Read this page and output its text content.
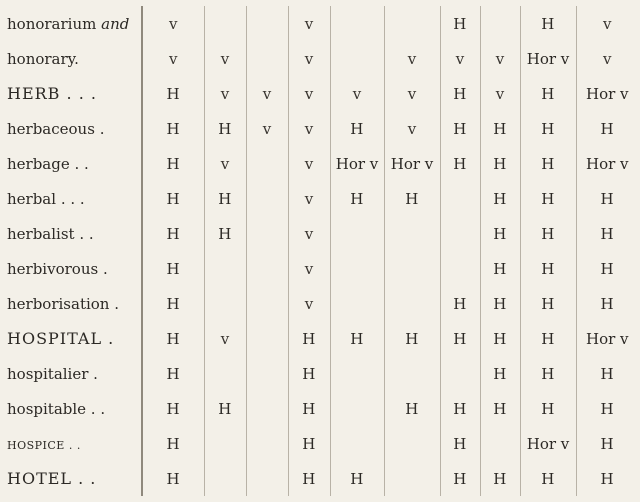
honorarium and	v			v			H		H	v
honorary.	v	v		v		v	v	v	Hor v	v
HERB . . .	H	v	v	v	v	v	H	v	H	Hor v
herbaceous .	H	H	v	v	H	v	H	H	H	H
herbage . .	H	v		v	Hor v	Hor v	H	H	H	Hor v
herbal . . .	H	H		v	H	H		H	H	H
herbalist . .	H	H		v				H	H	H
herbivorous .	H			v				H	H	H
herborisation .	H			v			H	H	H	H
HOSPITAL .	H	v		H	H	H	H	H	H	Hor v
hospitalier .	H			H				H	H	H
hospitable . .	H	H		H		H	H	H	H	H
HOSPICE . .	H			H			H		Hor v	H
HOTEL . .	H			H	H		H	H	H	H
